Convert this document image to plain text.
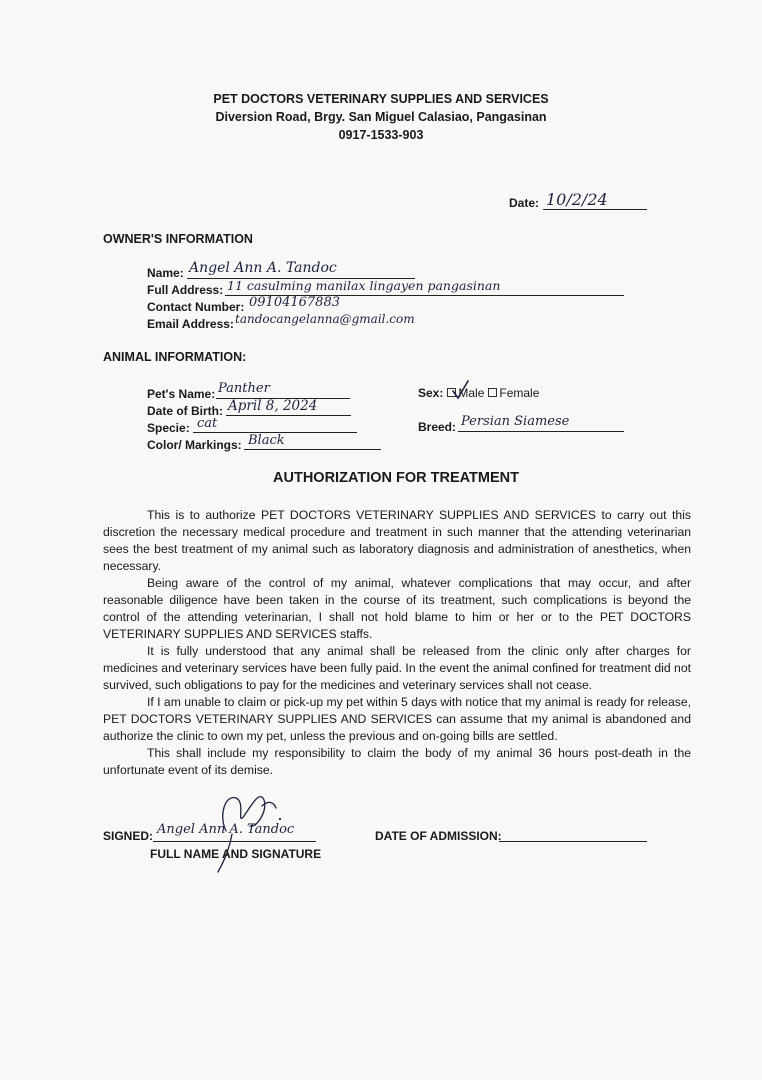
PET DOCTORS VETERINARY SUPPLIES AND SERVICES
Diversion Road, Brgy. San Miguel Calasiao, Pangasinan
0917-1533-903
Date: 10/2/24
OWNER'S INFORMATION
Name: Angel Ann A. Tandoc
Full Address: 11 casulming manilax lingayen pangasinan
Contact Number: 09104167883
Email Address: tandocangelanna@gmail.com
ANIMAL INFORMATION:
Pet's Name: Panther
Date of Birth: April 8, 2024
Specie: cat
Color/ Markings: Black
Sex: Male Female
Breed: Persian Siamese
AUTHORIZATION FOR TREATMENT

This is to authorize PET DOCTORS VETERINARY SUPPLIES AND SERVICES to carry out this discretion the necessary medical procedure and treatment in such manner that the attending veterinarian sees the best treatment of my animal such as laboratory diagnosis and administration of anesthetics, when necessary.

Being aware of the control of my animal, whatever complications that may occur, and after reasonable diligence have been taken in the course of its treatment, such complications is beyond the control of the attending veterinarian, I shall not hold blame to him or her or to the PET DOCTORS VETERINARY SUPPLIES AND SERVICES staffs.

It is fully understood that any animal shall be released from the clinic only after charges for medicines and veterinary services have been fully paid. In the event the animal confined for treatment did not survived, such obligations to pay for the medicines and veterinary services shall not cease.

If I am unable to claim or pick-up my pet within 5 days with notice that my animal is ready for release, PET DOCTORS VETERINARY SUPPLIES AND SERVICES can assume that my animal is abandoned and authorize the clinic to own my pet, unless the previous and on-going bills are settled.

This shall include my responsibility to claim the body of my animal 36 hours post-death in the unfortunate event of its demise.

SIGNED: Angel Ann A. Tandoc
FULL NAME AND SIGNATURE
DATE OF ADMISSION:
